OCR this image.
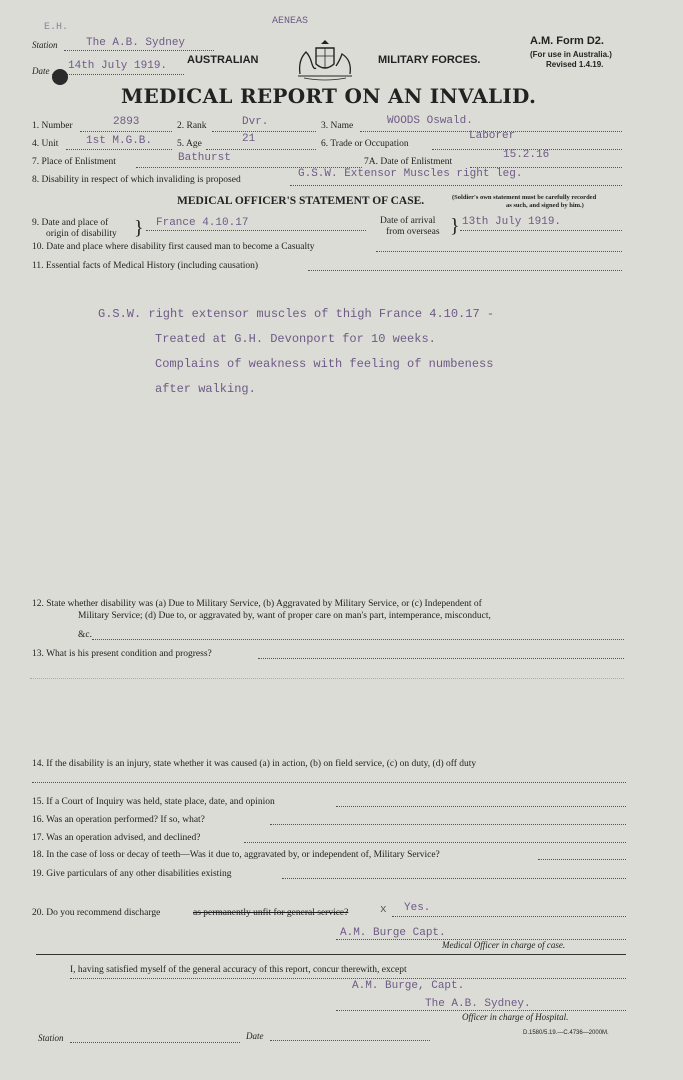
AENEAS
E.H.
Station	The A.B. Sydney
Date 14th July 1919. AUSTRALIAN	MILITARY FORCES.
A.M. Form D2.
(For use in Australia.)
Revised 1.4.19.
MEDICAL REPORT ON AN INVALID.
1. Number	2893	2. Rank	Dvr.	3. Name	WOODS Oswald.
4. Unit	1st M.G.B.	5. Age	21	6. Trade or Occupation
Laborer
7. Place of Enlistment	Bathurst	7A. Date of Enlistment
15.2.16
8. Disability in respect of which invaliding is proposed	G.S.W. Extensor Muscles right leg.
MEDICAL OFFICER'S STATEMENT OF CASE.	(Soldier's own statement must be carefully recorded
as such, and signed by him.)
9. Date and place of
origin of disability } France 4.10.17	Date of arrival
from overseas } 13th July 1919.
10. Date and place where disability first caused man to become a Casualty
11. Essential facts of Medical History (including causation)
G.S.W. right extensor muscles of thigh France 4.10.17 -
Treated at G.H. Devonport for 10 weeks.
Complains of weakness with feeling of numbeness
after walking.
12. State whether disability was (a) Due to Military Service, (b) Aggravated by Military Service, or (c) Independent of
Military Service; (d) Due to, or aggravated by, want of proper care on man's part, intemperance, misconduct,
&c.
13. What is his present condition and progress?
14. If the disability is an injury, state whether it was caused (a) in action, (b) on field service, (c) on duty, (d) off duty
15. If a Court of Inquiry was held, state place, date, and opinion
16. Was an operation performed? If so, what?
17. Was an operation advised, and declined?
18. In the case of loss or decay of teeth—Was it due to, aggravated by, or independent of, Military Service?
19. Give particulars of any other disabilities existing
20. Do you recommend discharge	as permanently unfit for general service?	x Yes.
A.M. Burge Capt.
Medical Officer in charge of case.
I, having satisfied myself of the general accuracy of this report, concur therewith, except
A.M. Burge, Capt.
The A.B. Sydney.
Officer in charge of Hospital.
Station	Date	D.1580/5.19.—C.4736—2000M.
